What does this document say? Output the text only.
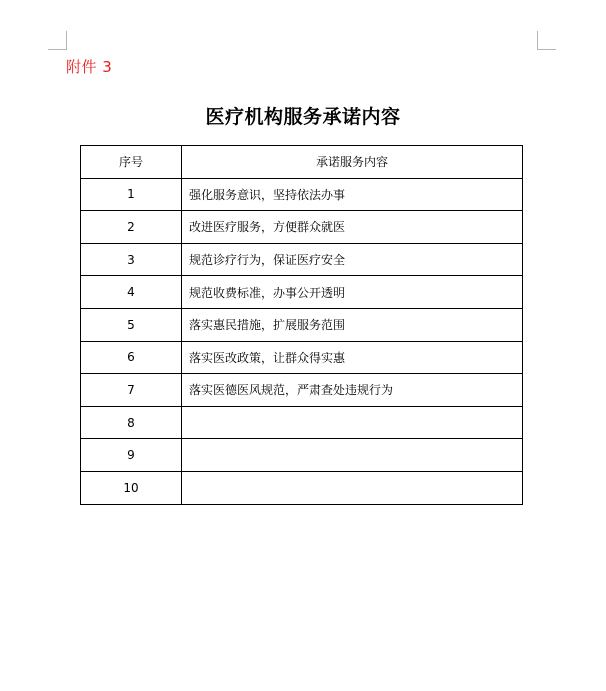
附件 3
医疗机构服务承诺内容
序号	承诺服务内容
1	强化服务意识，坚持依法办事
2	改进医疗服务，方便群众就医
3	规范诊疗行为，保证医疗安全
4	规范收费标准，办事公开透明
5	落实惠民措施，扩展服务范围
6	落实医改政策，让群众得实惠
7	落实医德医风规范，严肃查处违规行为
8	
9	
10	
